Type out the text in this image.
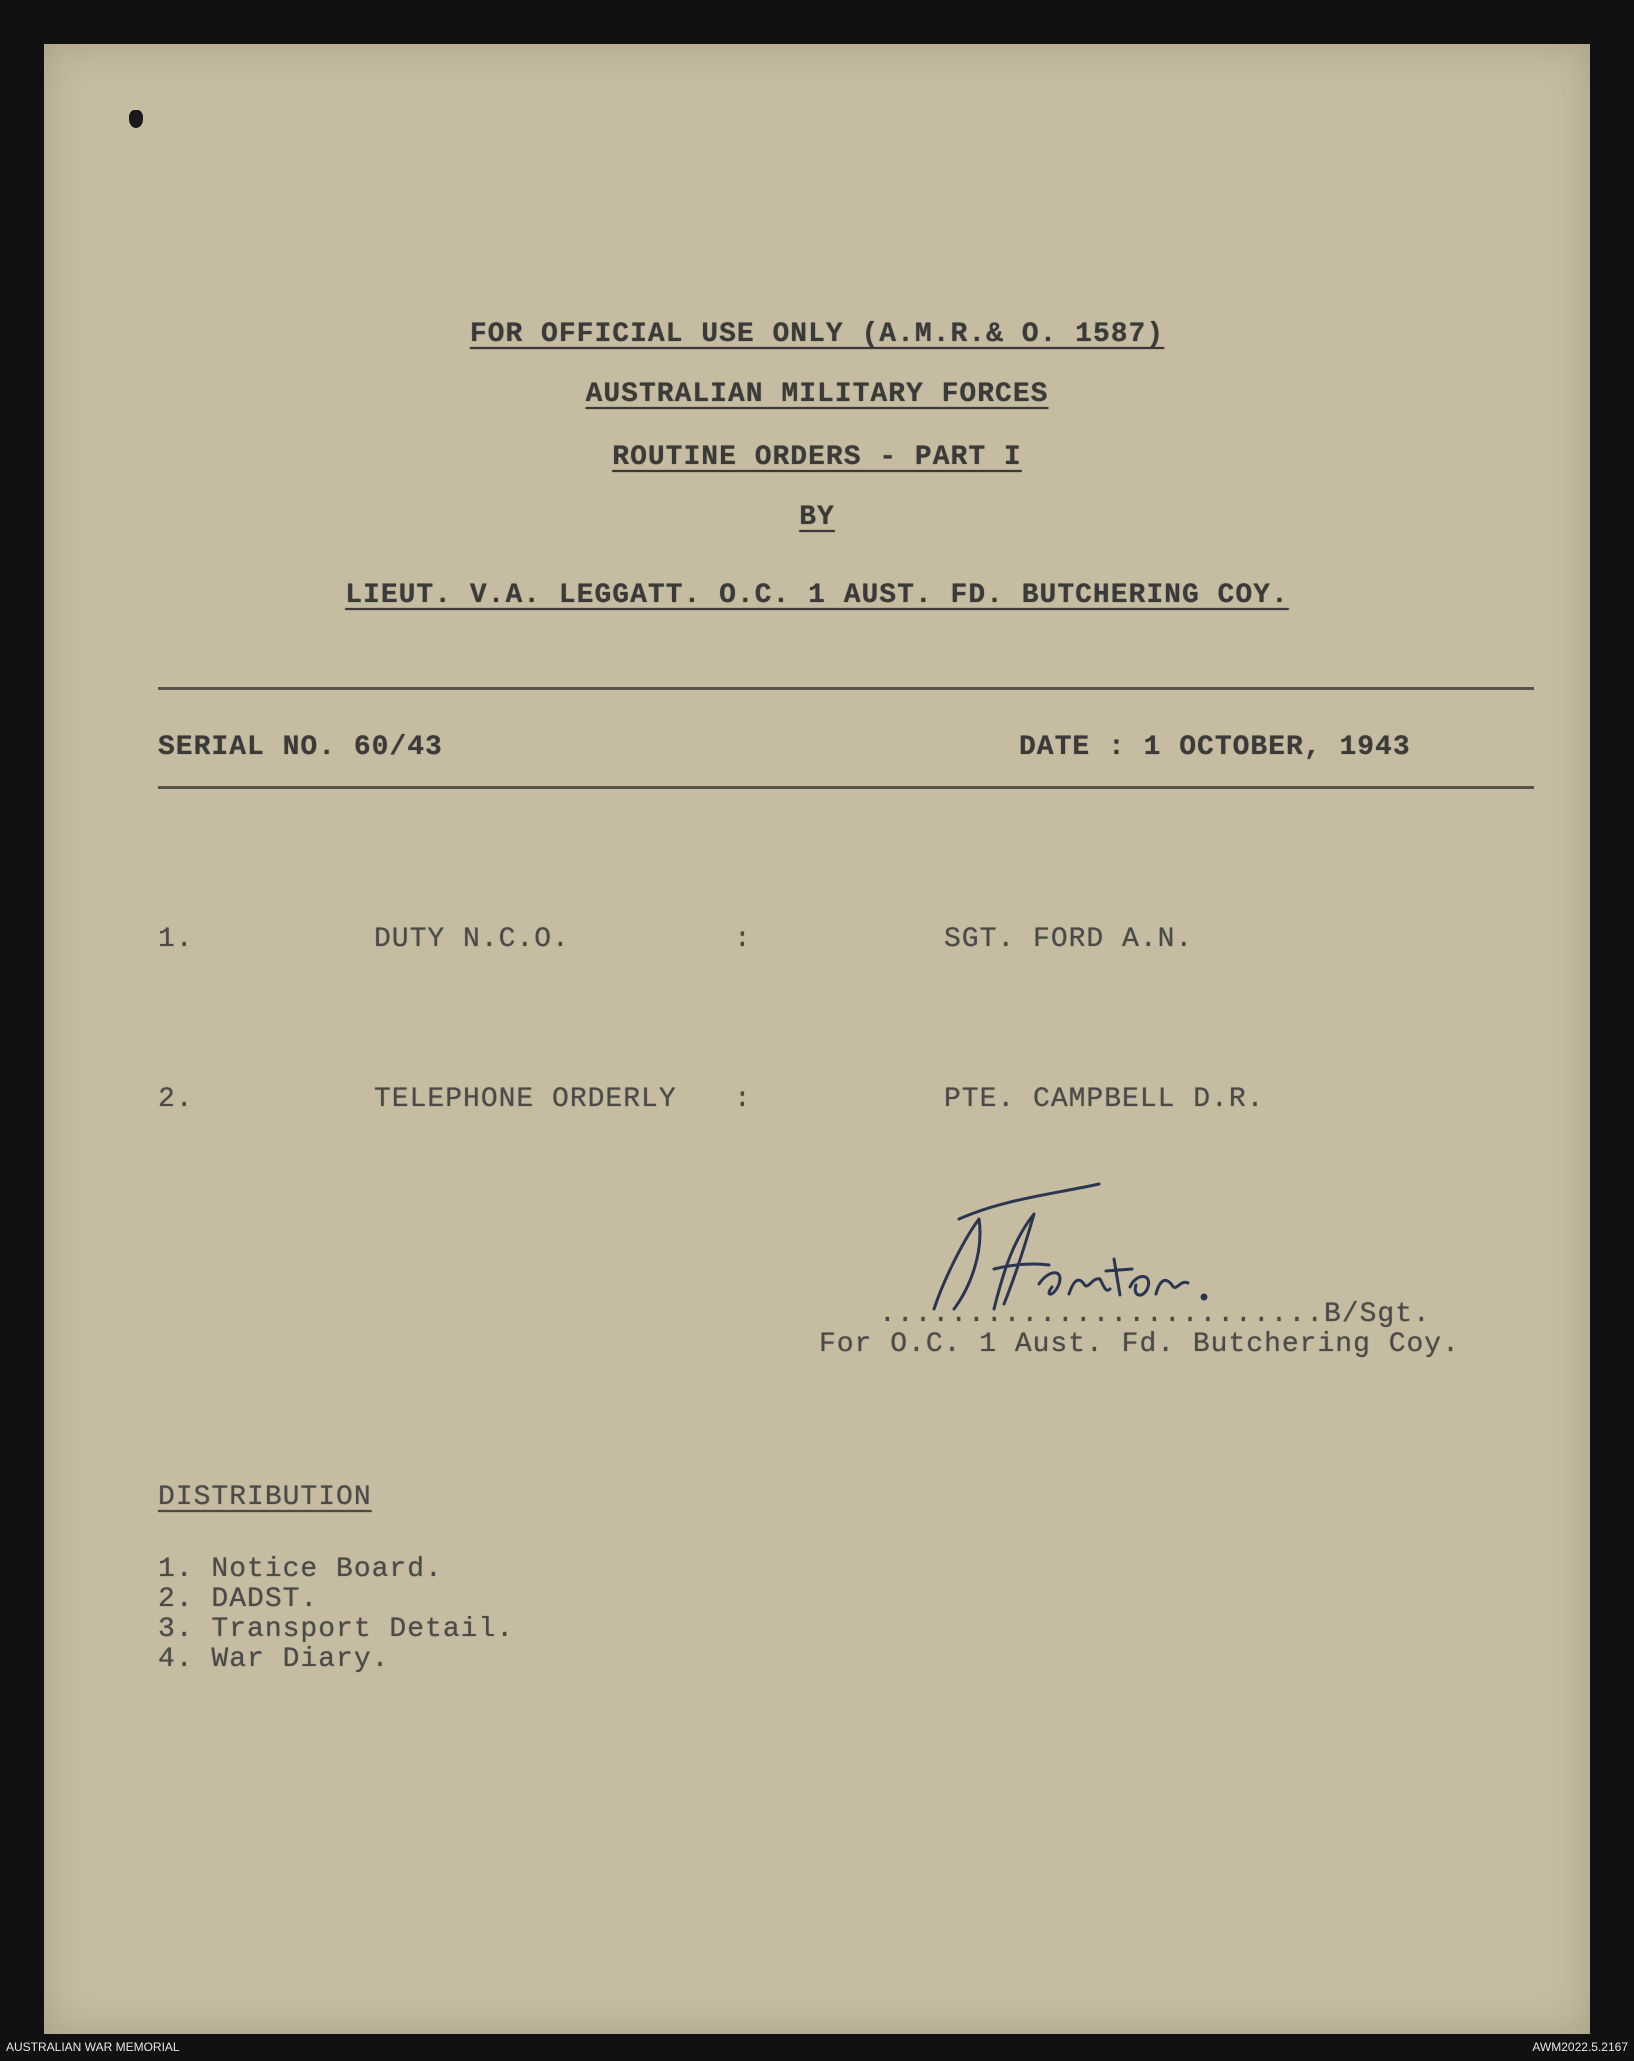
FOR OFFICIAL USE ONLY (A.M.R.& O. 1587)
AUSTRALIAN MILITARY FORCES
ROUTINE ORDERS - PART I
BY
LIEUT. V.A. LEGGATT. O.C. 1 AUST. FD. BUTCHERING COY.
SERIAL NO. 60/43	DATE : 1 OCTOBER, 1943
1.	DUTY N.C.O.	:	SGT. FORD A.N.
2.	TELEPHONE ORDERLY :	PTE. CAMPBELL D.R.
......................... B/Sgt.
For O.C. 1 Aust. Fd. Butchering Coy.
DISTRIBUTION
1. Notice Board.
2. DADST.
3. Transport Detail.
4. War Diary.
AUSTRALIAN WAR MEMORIAL	AWM2022.5.2167
